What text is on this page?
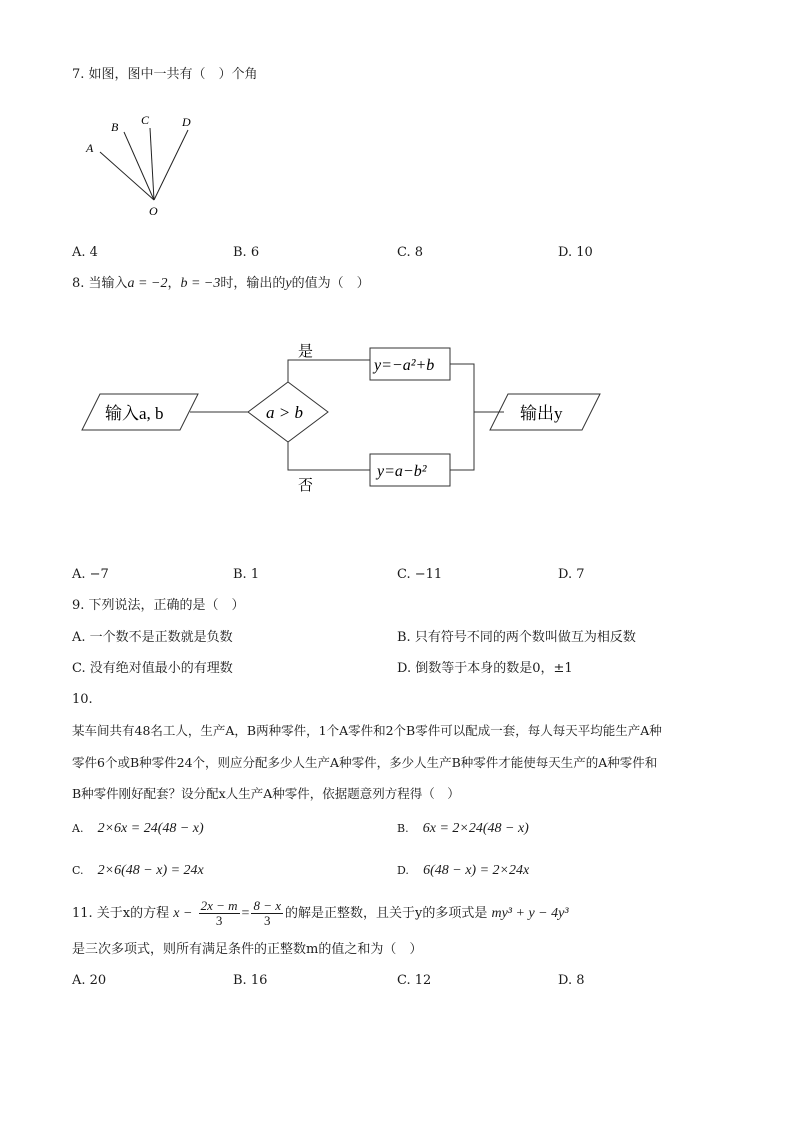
7. 如图，图中一共有（　）个角
A
B C	D
O
A. 4	B. 6	C. 8	D. 10
8. 当输入a = −2，b = −3时，输出的y的值为（　）
输入a, b	a > b
是
否
y=−a²+b
y=a−b²
输出y
A. −7	B. 1	C. −11	D. 7
9. 下列说法，正确的是（　）
A. 一个数不是正数就是负数	B. 只有符号不同的两个数叫做互为相反数
C. 没有绝对值最小的有理数	D. 倒数等于本身的数是0，±1
10.
某车间共有48名工人，生产A，B两种零件，1个A零件和2个B零件可以配成一套，每人每天平均能生产A种
零件6个或B种零件24个，则应分配多少人生产A种零件，多少人生产B种零件才能使每天生产的A种零件和
B种零件刚好配套？设分配x人生产A种零件，依据题意列方程得（　）
A. 2×6x = 24(48 − x)	B. 6x = 2×24(48 − x)
C. 2×6(48 − x) = 24x	D. 6(48 − x) = 2×24x
11. 关于x的方程 $x - \frac{2x - m}{3} = \frac{8 - x}{3}$ 的解是正整数，且关于y的多项式是 my³ + y − 4y³
是三次多项式，则所有满足条件的正整数m的值之和为（　）
A. 20	B. 16	C. 12	D. 8
